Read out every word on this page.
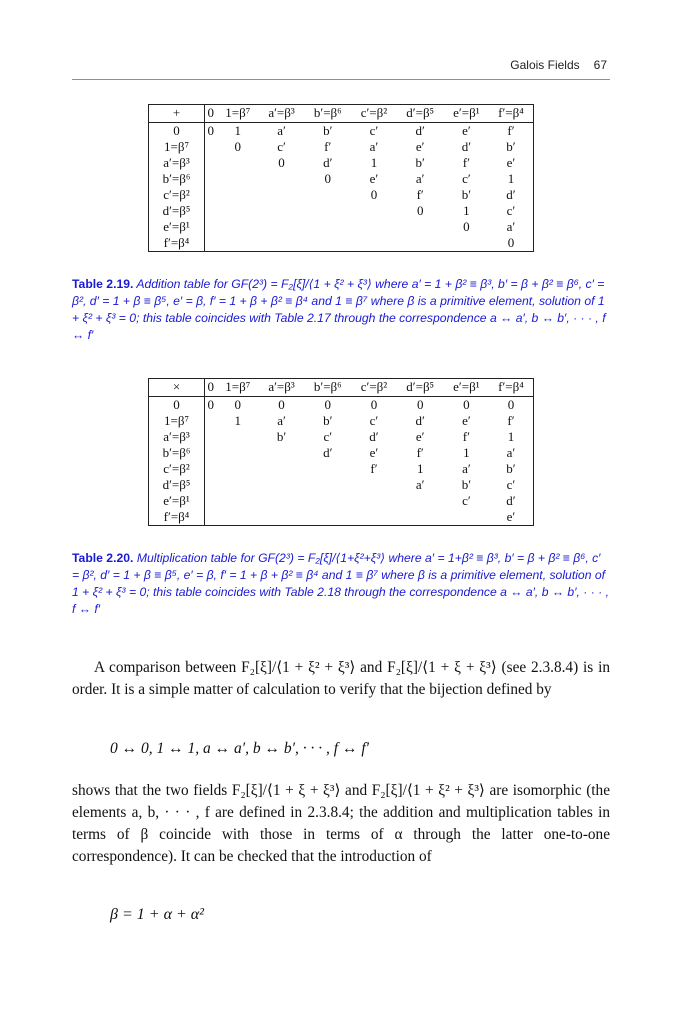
Galois Fields 67
+	0	1=β⁷	a′=β³	b′=β⁶	c′=β²	d′=β⁵	e′=β¹	f′=β⁴
0	0	1	a′	b′	c′	d′	e′	f′
1=β⁷		0	c′	f′	a′	e′	d′	b′
a′=β³			0	d′	1	b′	f′	e′
b′=β⁶				0	e′	a′	c′	1
c′=β²					0	f′	b′	d′
d′=β⁵						0	1	c′
e′=β¹							0	a′
f′=β⁴								0
Table 2.19. Addition table for GF(2³) = F₂[ξ]/⟨1 + ξ² + ξ³⟩ where a′ = 1 + β² ≡ β³, b′ = β + β² ≡ β⁶, c′ = β², d′ = 1 + β ≡ β⁵, e′ = β, f′ = 1 + β + β² ≡ β⁴ and 1 ≡ β⁷ where β is a primitive element, solution of 1 + ξ² + ξ³ = 0; this table coincides with Table 2.17 through the correspondence a ↔ a′, b ↔ b′, · · · , f ↔ f′
×	0	1=β⁷	a′=β³	b′=β⁶	c′=β²	d′=β⁵	e′=β¹	f′=β⁴
0	0	0	0	0	0	0	0	0
1=β⁷		1	a′	b′	c′	d′	e′	f′
a′=β³			b′	c′	d′	e′	f′	1
b′=β⁶				d′	e′	f′	1	a′
c′=β²					f′	1	a′	b′
d′=β⁵						a′	b′	c′
e′=β¹							c′	d′
f′=β⁴								e′
Table 2.20. Multiplication table for GF(2³) = F₂[ξ]/⟨1+ξ²+ξ³⟩ where a′ = 1+β² ≡ β³, b′ = β + β² ≡ β⁶, c′ = β², d′ = 1 + β ≡ β⁵, e′ = β, f′ = 1 + β + β² ≡ β⁴ and 1 ≡ β⁷ where β is a primitive element, solution of 1 + ξ² + ξ³ = 0; this table coincides with Table 2.18 through the correspondence a ↔ a′, b ↔ b′, · · · , f ↔ f′
A comparison between F₂[ξ]/⟨1 + ξ² + ξ³⟩ and F₂[ξ]/⟨1 + ξ + ξ³⟩ (see 2.3.8.4) is in order. It is a simple matter of calculation to verify that the bijection defined by
0 ↔ 0, 1 ↔ 1, a ↔ a′, b ↔ b′, · · · , f ↔ f′
shows that the two fields F₂[ξ]/⟨1 + ξ + ξ³⟩ and F₂[ξ]/⟨1 + ξ² + ξ³⟩ are isomorphic (the elements a, b, · · · , f are defined in 2.3.8.4; the addition and multiplication tables in terms of β coincide with those in terms of α through the latter one-to-one correspondence). It can be checked that the introduction of
β = 1 + α + α²
